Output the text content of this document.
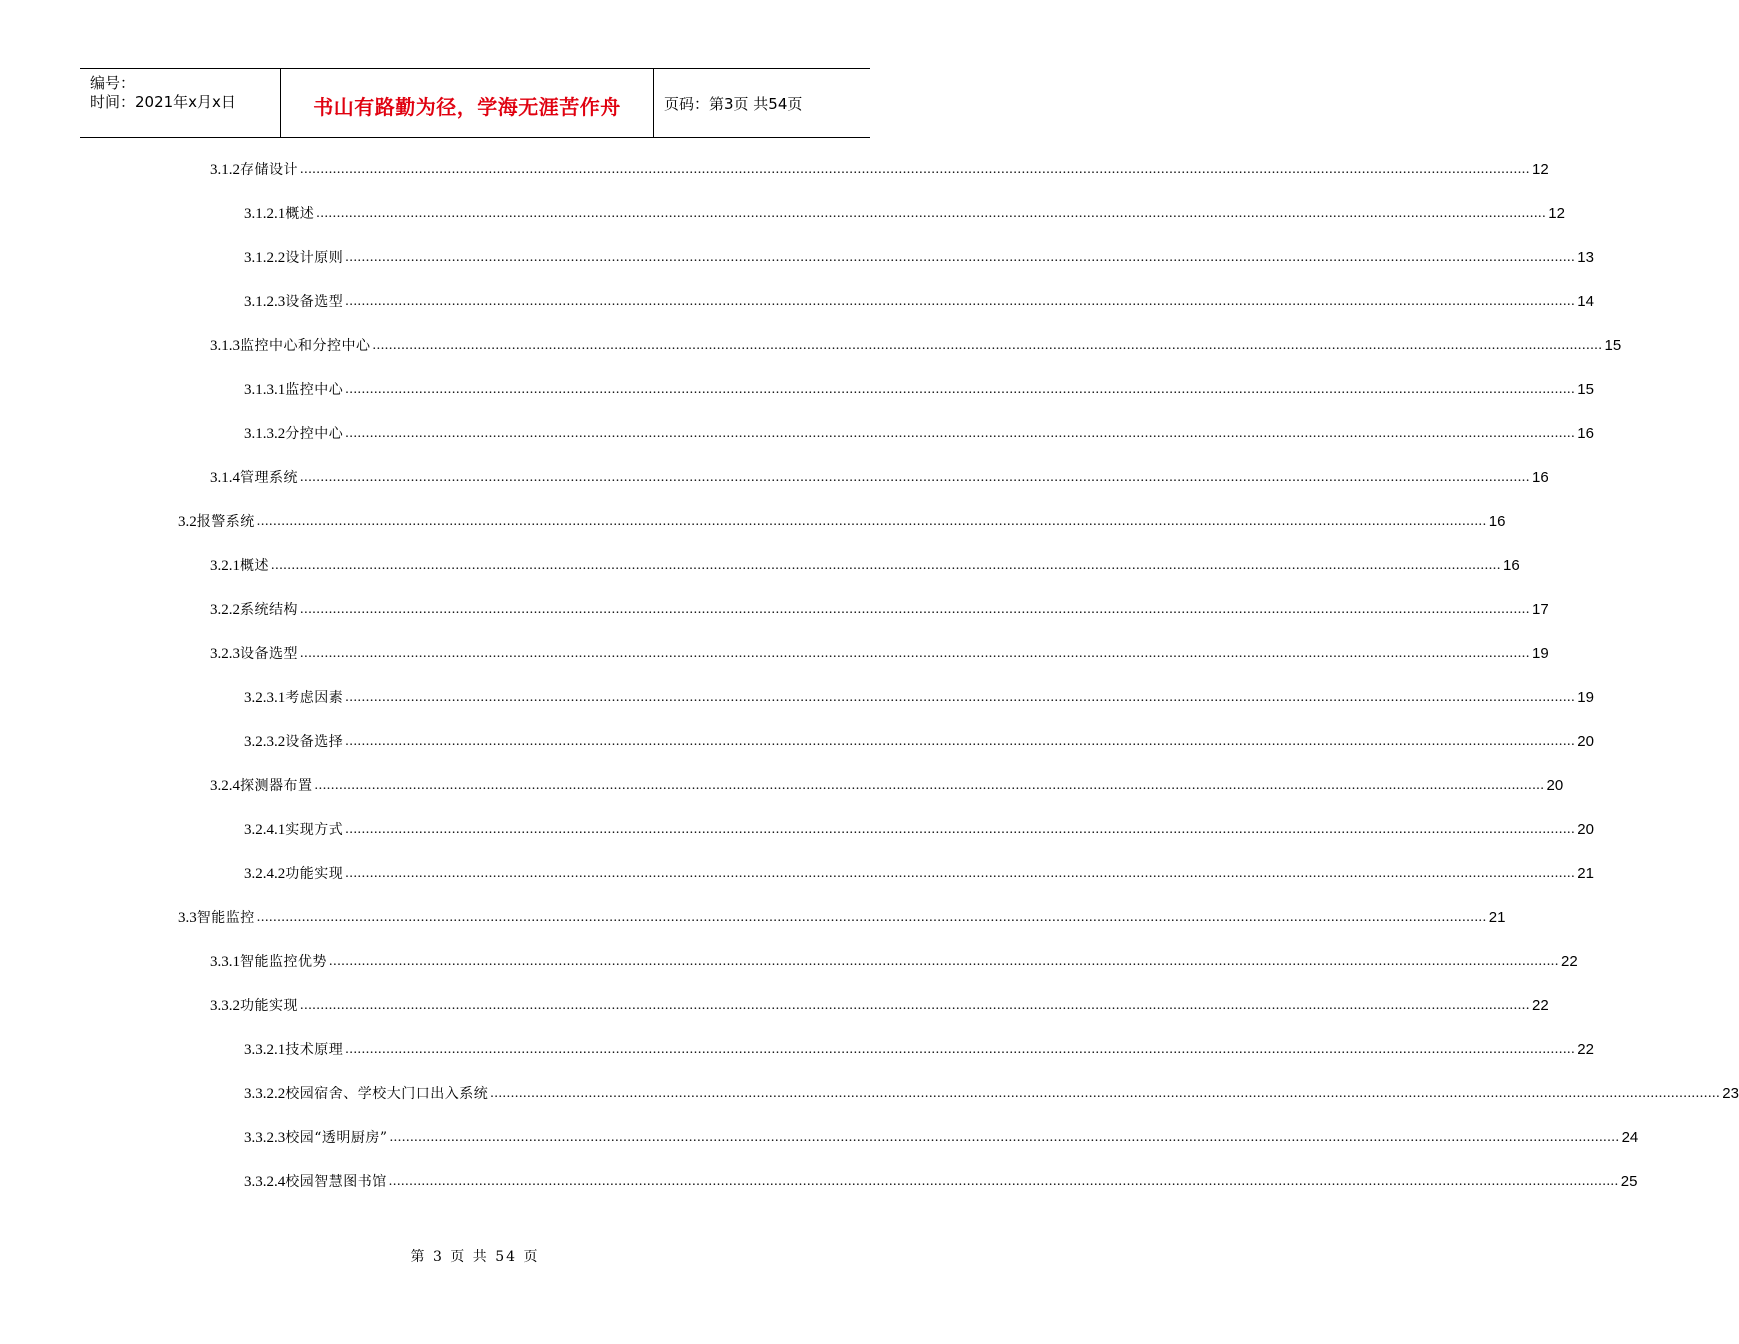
编号：
时间：2021年x月x日	书山有路勤为径，学海无涯苦作舟	页码：第3页 共54页
3.1.2 存储设计 ............................................................................................................................................................................................................................................................................................................ 12
3.1.2.1 概述 ............................................................................................................................................................................................................................................................................................................ 12
3.1.2.2 设计原则 ............................................................................................................................................................................................................................................................................................................ 13
3.1.2.3 设备选型 ............................................................................................................................................................................................................................................................................................................ 14
3.1.3 监控中心和分控中心 ............................................................................................................................................................................................................................................................................................................ 15
3.1.3.1 监控中心 ............................................................................................................................................................................................................................................................................................................ 15
3.1.3.2 分控中心 ............................................................................................................................................................................................................................................................................................................ 16
3.1.4 管理系统 ............................................................................................................................................................................................................................................................................................................ 16
3.2 报警系统 ............................................................................................................................................................................................................................................................................................................ 16
3.2.1 概述 ............................................................................................................................................................................................................................................................................................................ 16
3.2.2 系统结构 ............................................................................................................................................................................................................................................................................................................ 17
3.2.3 设备选型 ............................................................................................................................................................................................................................................................................................................ 19
3.2.3.1 考虑因素 ............................................................................................................................................................................................................................................................................................................ 19
3.2.3.2 设备选择 ............................................................................................................................................................................................................................................................................................................ 20
3.2.4 探测器布置 ............................................................................................................................................................................................................................................................................................................ 20
3.2.4.1 实现方式 ............................................................................................................................................................................................................................................................................................................ 20
3.2.4.2 功能实现 ............................................................................................................................................................................................................................................................................................................ 21
3.3 智能监控 ............................................................................................................................................................................................................................................................................................................ 21
3.3.1 智能监控优势 ............................................................................................................................................................................................................................................................................................................ 22
3.3.2 功能实现 ............................................................................................................................................................................................................................................................................................................ 22
3.3.2.1 技术原理 ............................................................................................................................................................................................................................................................................................................ 22
3.3.2.2 校园宿舍、学校大门口出入系统 ............................................................................................................................................................................................................................................................................................................ 23
3.3.2.3 校园“透明厨房” ............................................................................................................................................................................................................................................................................................................ 24
3.3.2.4 校园智慧图书馆 ............................................................................................................................................................................................................................................................................................................ 25
第 3 页 共 54 页
